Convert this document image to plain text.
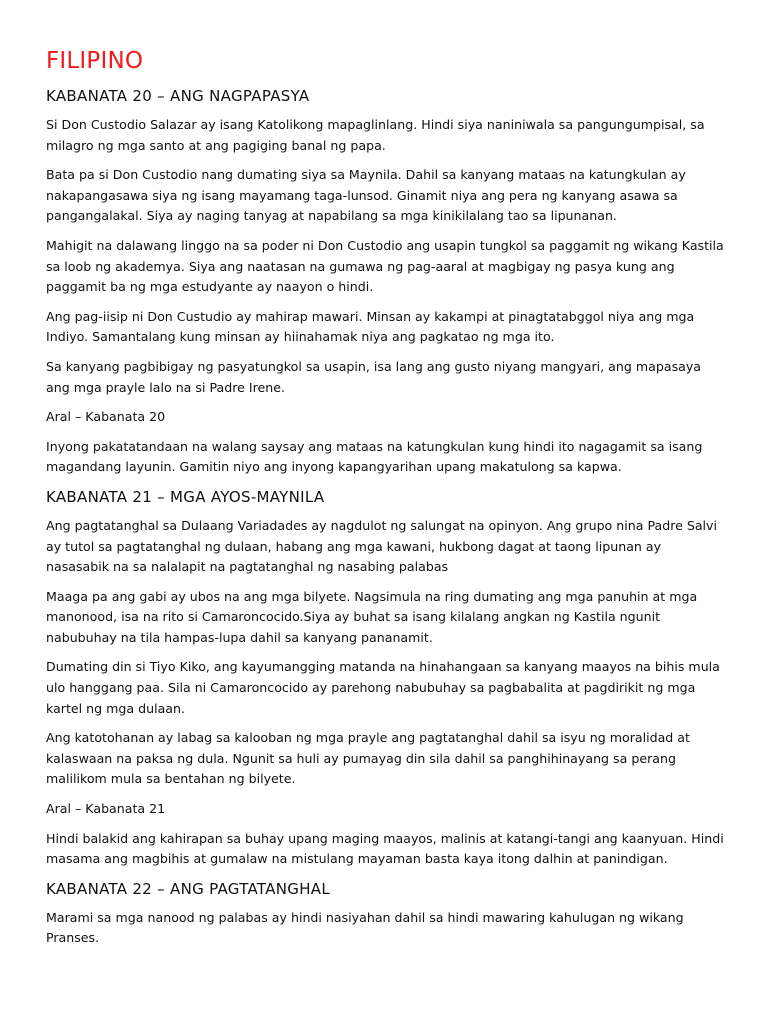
FILIPINO
KABANATA 20 – ANG NAGPAPASYA

Si Don Custodio Salazar ay isang Katolikong mapaglinlang. Hindi siya naniniwala sa pangungumpisal, sa milagro ng mga santo at ang pagiging banal ng papa.

Bata pa si Don Custodio nang dumating siya sa Maynila. Dahil sa kanyang mataas na katungkulan ay nakapangasawa siya ng isang mayamang taga-lunsod. Ginamit niya ang pera ng kanyang asawa sa pangangalakal. Siya ay naging tanyag at napabilang sa mga kinikilalang tao sa lipunanan.

Mahigit na dalawang linggo na sa poder ni Don Custodio ang usapin tungkol sa paggamit ng wikang Kastila sa loob ng akademya. Siya ang naatasan na gumawa ng pag-aaral at magbigay ng pasya kung ang paggamit ba ng mga estudyante ay naayon o hindi.

Ang pag-iisip ni Don Custudio ay mahirap mawari. Minsan ay kakampi at pinagtatabggol niya ang mga Indiyo. Samantalang kung minsan ay hiinahamak niya ang pagkatao ng mga ito.

Sa kanyang pagbibigay ng pasyatungkol sa usapin, isa lang ang gusto niyang mangyari, ang mapasaya ang mga prayle lalo na si Padre Irene.

Aral – Kabanata 20

Inyong pakatatandaan na walang saysay ang mataas na katungkulan kung hindi ito nagagamit sa isang magandang layunin. Gamitin niyo ang inyong kapangyarihan upang makatulong sa kapwa.

KABANATA 21 – MGA AYOS-MAYNILA

Ang pagtatanghal sa Dulaang Variadades ay nagdulot ng salungat na opinyon. Ang grupo nina Padre Salvi ay tutol sa pagtatanghal ng dulaan, habang ang mga kawani, hukbong dagat at taong lipunan ay nasasabik na sa nalalapit na pagtatanghal ng nasabing palabas

Maaga pa ang gabi ay ubos na ang mga bilyete. Nagsimula na ring dumating ang mga panuhin at mga manonood, isa na rito si Camaroncocido.Siya ay buhat sa isang kilalang angkan ng Kastila ngunit nabubuhay na tila hampas-lupa dahil sa kanyang pananamit.

Dumating din si Tiyo Kiko, ang kayumangging matanda na hinahangaan sa kanyang maayos na bihis mula ulo hanggang paa. Sila ni Camaroncocido ay parehong nabubuhay sa pagbabalita at pagdirikit ng mga kartel ng mga dulaan.

Ang katotohanan ay labag sa kalooban ng mga prayle ang pagtatanghal dahil sa isyu ng moralidad at kalaswaan na paksa ng dula. Ngunit sa huli ay pumayag din sila dahil sa panghihinayang sa perang malilikom mula sa bentahan ng bilyete.

Aral – Kabanata 21

Hindi balakid ang kahirapan sa buhay upang maging maayos, malinis at katangi-tangi ang kaanyuan. Hindi masama ang magbihis at gumalaw na mistulang mayaman basta kaya itong dalhin at panindigan.

KABANATA 22 – ANG PAGTATANGHAL

Marami sa mga nanood ng palabas ay hindi nasiyahan dahil sa hindi mawaring kahulugan ng wikang Pranses.
